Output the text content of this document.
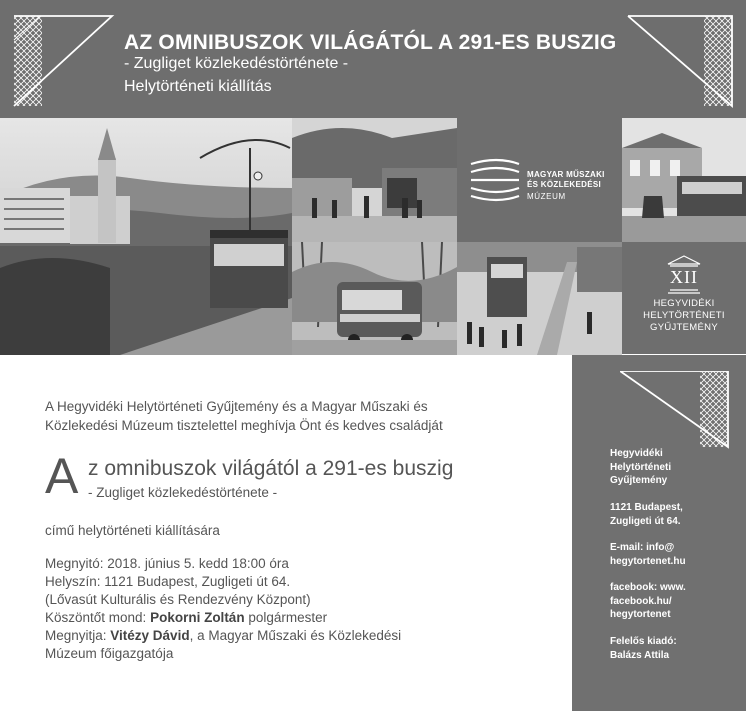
AZ OMNIBUSZOK VILÁGÁTÓL A 291-ES BUSZIG
- Zugliget közlekedéstörténete -
Helytörténeti kiállítás
MAGYAR MŰSZAKI
ÉS KÖZLEKEDÉSI
MÚZEUM
XII
HEGYVIDÉKI
HELYTÖRTÉNETI
GYŰJTEMÉNY
A Hegyvidéki Helytörténeti Gyűjtemény és a Magyar Műszaki és
Közlekedési Múzeum tisztelettel meghívja Önt és kedves családját
A z omnibuszok világától a 291-es buszig
- Zugliget közlekedéstörténete -
című helytörténeti kiállítására
Megnyitó: 2018. június 5. kedd 18:00 óra
Helyszín: 1121 Budapest, Zugligeti út 64.
(Lővasút Kulturális és Rendezvény Központ)
Köszöntőt mond: Pokorni Zoltán polgármester
Megnyitja: Vitézy Dávid, a Magyar Műszaki és Közlekedési
Múzeum főigazgatója
Hegyvidéki
Helytörténeti
Gyűjtemény
1121 Budapest,
Zugligeti út 64.
E-mail: info@
hegytortenet.hu
facebook: www.
facebook.hu/
hegytortenet
Felelős kiadó:
Balázs Attila
